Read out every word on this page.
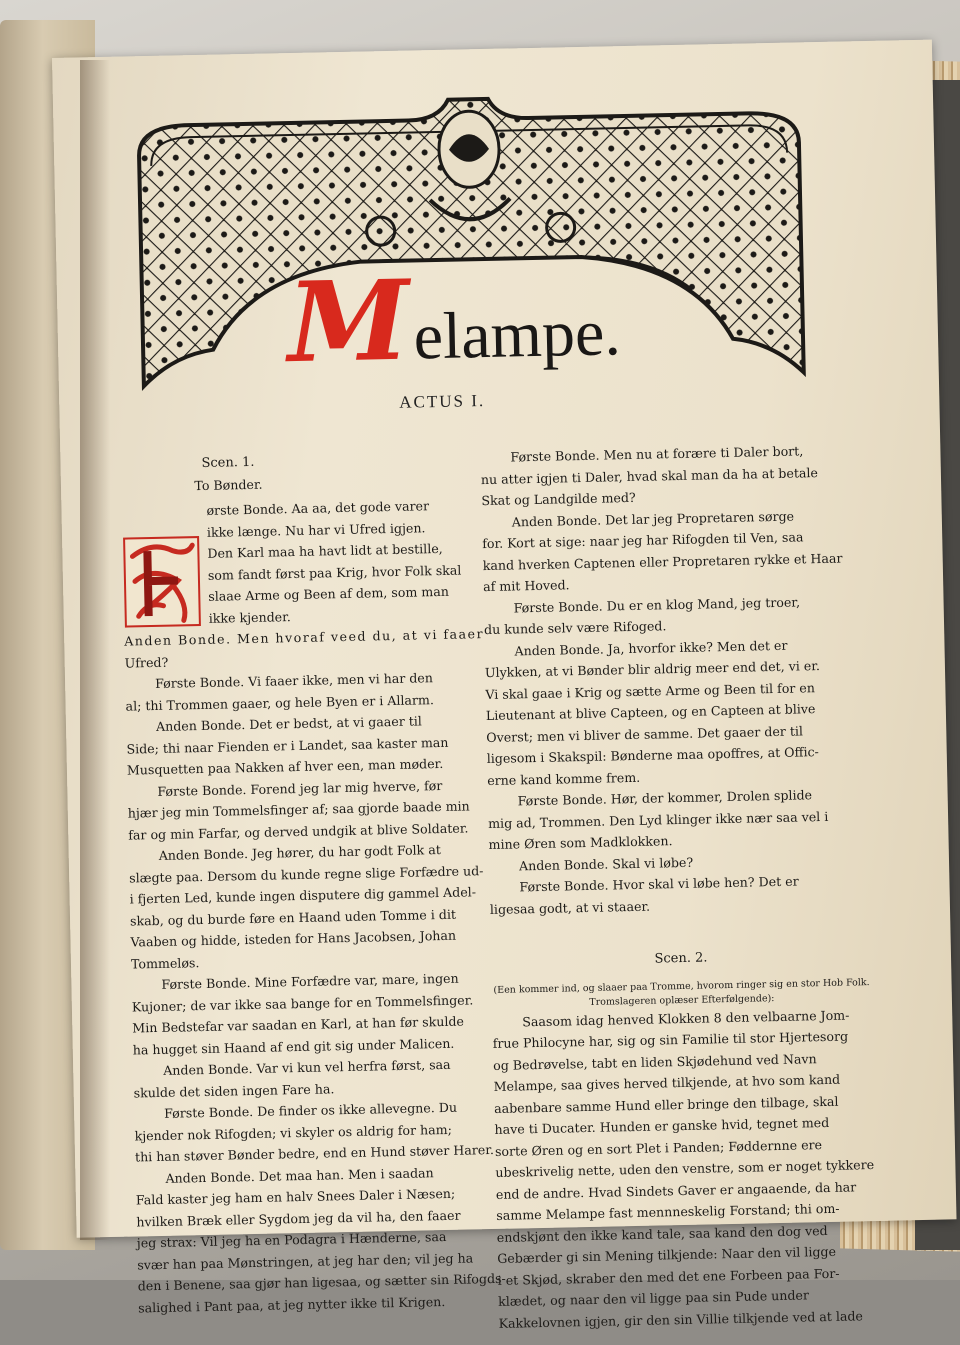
M elampe.
ACTUS I.

Scen. 1.

To Bønder.

ørste Bonde. Aa aa, det gode varer

ikke længe. Nu har vi Ufred igjen.

Den Karl maa ha havt lidt at bestille,

som fandt først paa Krig, hvor Folk skal

slaae Arme og Been af dem, som man

ikke kjender.

Anden Bonde. Men hvoraf veed du, at vi faaer

Ufred?

Første Bonde. Vi faaer ikke, men vi har den

al; thi Trommen gaaer, og hele Byen er i Allarm.

Anden Bonde. Det er bedst, at vi gaaer til

Side; thi naar Fienden er i Landet, saa kaster man

Musquetten paa Nakken af hver een, man møder.

Første Bonde. Forend jeg lar mig hverve, før

hjær jeg min Tommelsfinger af; saa gjorde baade min

far og min Farfar, og derved undgik at blive Soldater.

Anden Bonde. Jeg hører, du har godt Folk at

slægte paa. Dersom du kunde regne slige Forfædre ud-

i fjerten Led, kunde ingen disputere dig gammel Adel-

skab, og du burde føre en Haand uden Tomme i dit

Vaaben og hidde, isteden for Hans Jacobsen, Johan

Tommeløs.

Første Bonde. Mine Forfædre var, mare, ingen

Kujoner; de var ikke saa bange for en Tommelsfinger.

Min Bedstefar var saadan en Karl, at han før skulde

ha hugget sin Haand af end git sig under Malicen.

Anden Bonde. Var vi kun vel herfra først, saa

skulde det siden ingen Fare ha.

Første Bonde. De finder os ikke allevegne. Du

kjender nok Rifogden; vi skyler os aldrig for ham;

thi han støver Bønder bedre, end en Hund støver Harer.

Anden Bonde. Det maa han. Men i saadan

Fald kaster jeg ham en halv Snees Daler i Næsen;

hvilken Bræk eller Sygdom jeg da vil ha, den faaer

jeg strax: Vil jeg ha en Podagra i Hænderne, saa

svær han paa Mønstringen, at jeg har den; vil jeg ha

den i Benene, saa gjør han ligesaa, og sætter sin Rifogds-

salighed i Pant paa, at jeg nytter ikke til Krigen.

Første Bonde. Men nu at forære ti Daler bort,

nu atter igjen ti Daler, hvad skal man da ha at betale

Skat og Landgilde med?

Anden Bonde. Det lar jeg Propretaren sørge

for. Kort at sige: naar jeg har Rifogden til Ven, saa

kand hverken Captenen eller Propretaren rykke et Haar

af mit Hoved.

Første Bonde. Du er en klog Mand, jeg troer,

du kunde selv være Rifoged.

Anden Bonde. Ja, hvorfor ikke? Men det er

Ulykken, at vi Bønder blir aldrig meer end det, vi er.

Vi skal gaae i Krig og sætte Arme og Been til for en

Lieutenant at blive Capteen, og en Capteen at blive

Overst; men vi bliver de samme. Det gaaer der til

ligesom i Skakspil: Bønderne maa opoffres, at Offic-

erne kand komme frem.

Første Bonde. Hør, der kommer, Drolen splide

mig ad, Trommen. Den Lyd klinger ikke nær saa vel i

mine Øren som Madklokken.

Anden Bonde. Skal vi løbe?

Første Bonde. Hvor skal vi løbe hen? Det er

ligesaa godt, at vi staaer.

Scen. 2.

(Een kommer ind, og slaaer paa Tromme, hvorom ringer sig en stor Hob Folk.

Tromslageren oplæser Efterfølgende):

Saasom idag henved Klokken 8 den velbaarne Jom-

frue Philocyne har, sig og sin Familie til stor Hjertesorg

og Bedrøvelse, tabt en liden Skjødehund ved Navn

Melampe, saa gives herved tilkjende, at hvo som kand

aabenbare samme Hund eller bringe den tilbage, skal

have ti Ducater. Hunden er ganske hvid, tegnet med

sorte Øren og en sort Plet i Panden; Føddernne ere

ubeskrivelig nette, uden den venstre, som er noget tykkere

end de andre. Hvad Sindets Gaver er angaaende, da har

samme Melampe fast mennneskelig Forstand; thi om-

endskjønt den ikke kand tale, saa kand den dog ved

Gebærder gi sin Mening tilkjende: Naar den vil ligge

i et Skjød, skraber den med det ene Forbeen paa For-

klædet, og naar den vil ligge paa sin Pude under

Kakkelovnen igjen, gir den sin Villie tilkjende ved at lade
